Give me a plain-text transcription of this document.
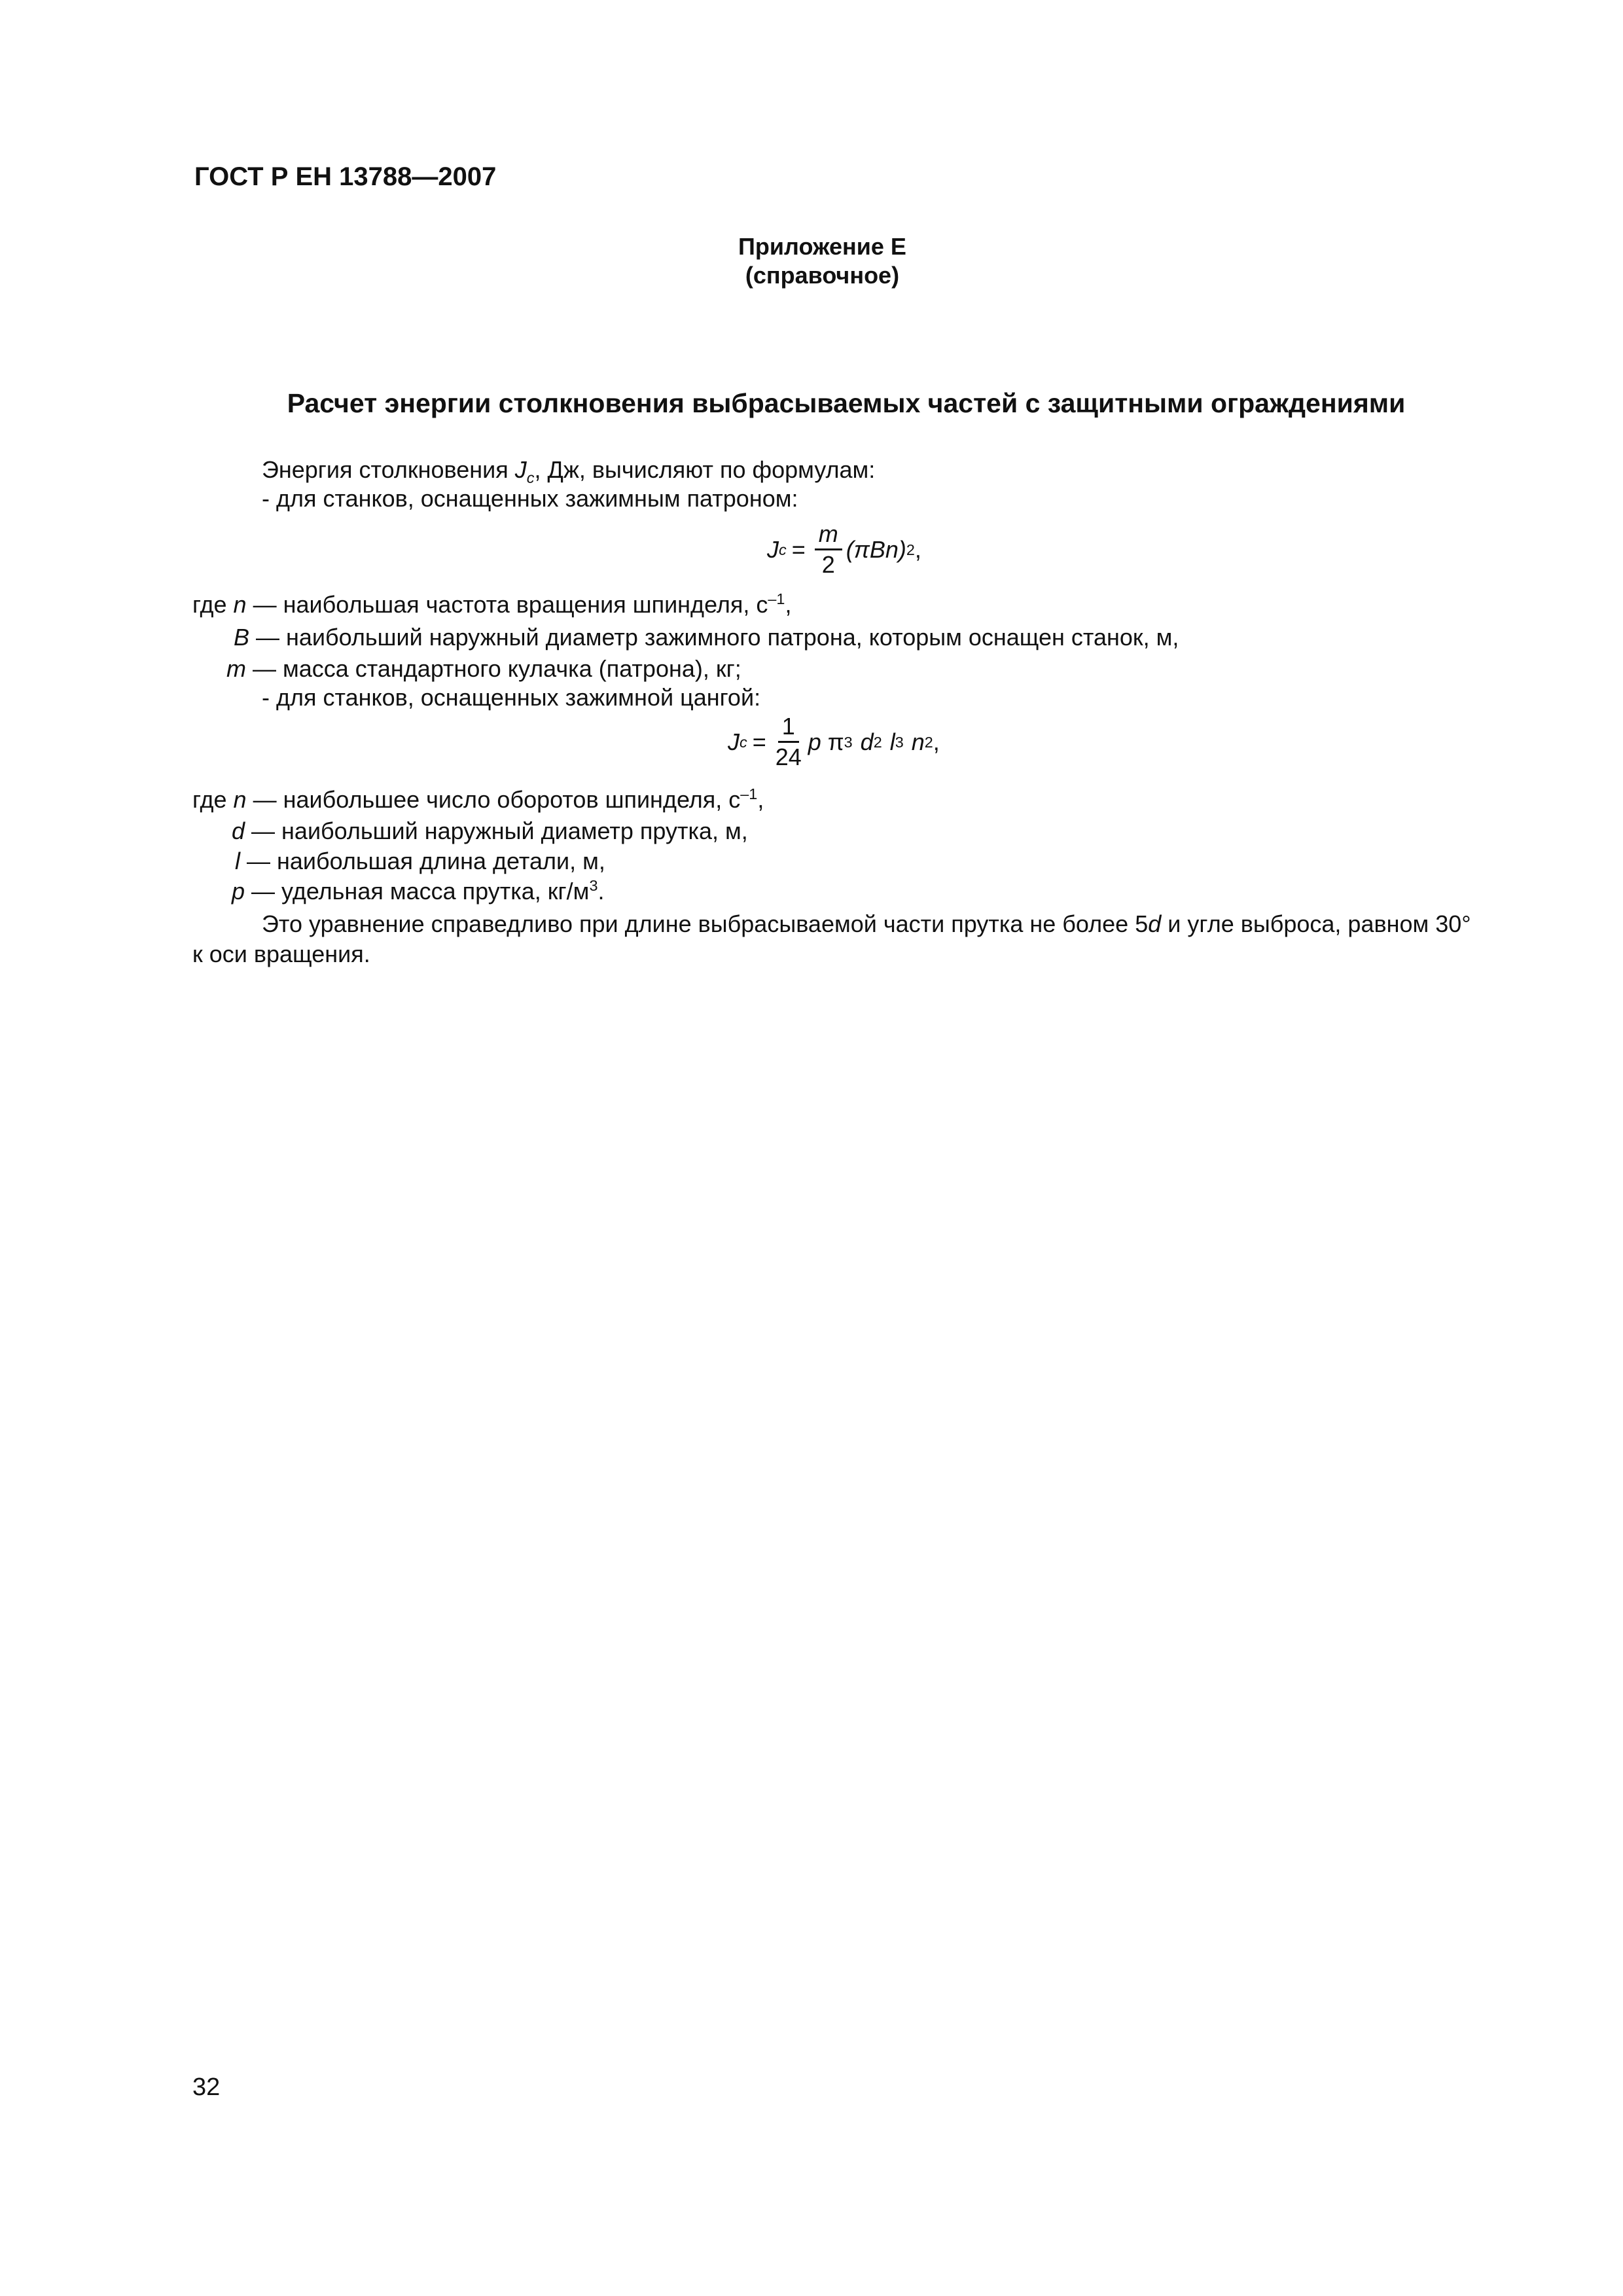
ГОСТ Р ЕН 13788—2007
Приложение Е
(справочное)
Расчет энергии столкновения выбрасываемых частей с защитными ограждениями
Энергия столкновения $J_c$, Дж, вычисляют по формулам:
- для станков, оснащенных зажимным патроном:
J $c = \frac{m}{2} (\pi Bn)$ 2 ,
где n — наибольшая частота вращения шпинделя, $с^{-1}$,
B — наибольший наружный диаметр зажимного патрона, которым оснащен станок, м,
m — масса стандартного кулачка (патрона), кг;
- для станков, оснащенных зажимной цангой:
J $c = \frac{1}{24}$ p π 3 d 2 l 3 n 2 ,
где n — наибольшее число оборотов шпинделя, $с^{-1}$,
d — наибольший наружный диаметр прутка, м,
l — наибольшая длина детали, м,
p — удельная масса прутка, $кг/м^3$.
Это уравнение справедливо при длине выбрасываемой части прутка не более 5d и угле выброса, равном 30°
к оси вращения.
32
